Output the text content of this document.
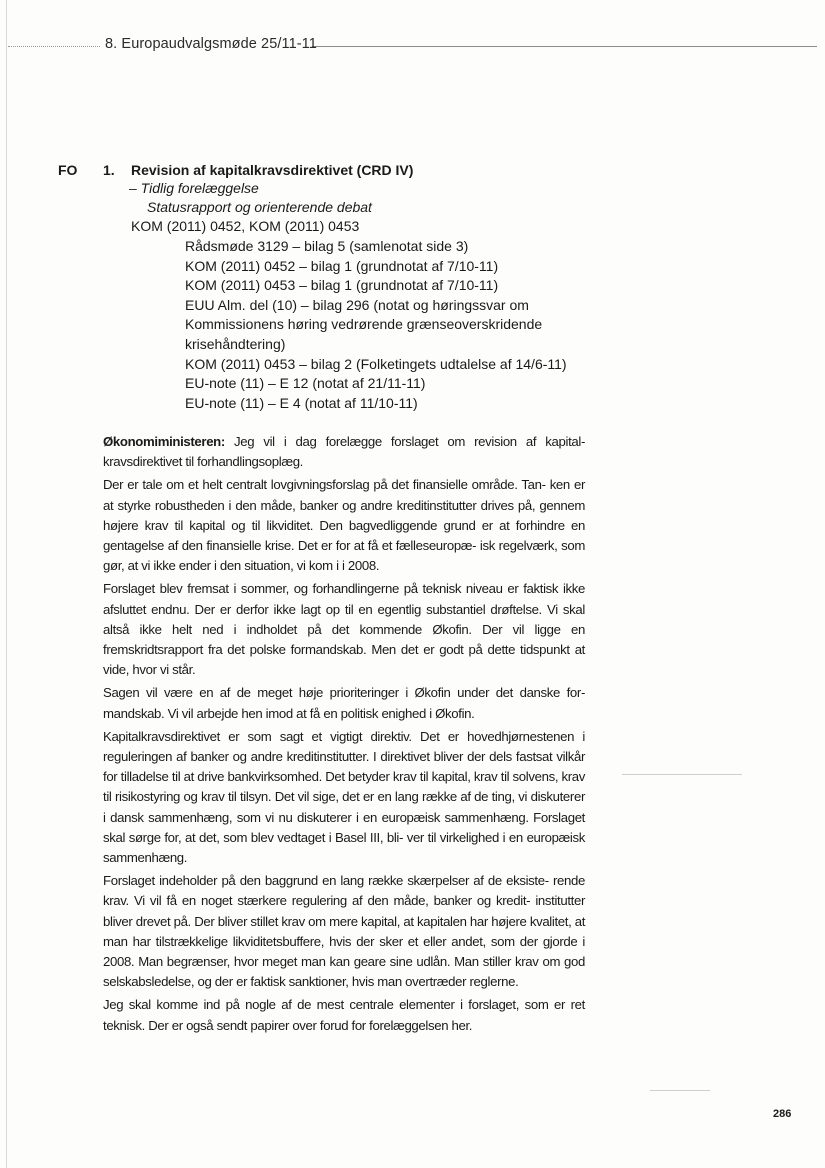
8. Europaudvalgsmøde 25/11-11
FO 1. Revision af kapitalkravsdirektivet (CRD IV)
– Tidlig forelæggelse
Statusrapport og orienterende debat
KOM (2011) 0452, KOM (2011) 0453
Rådsmøde 3129 – bilag 5 (samlenotat side 3)
KOM (2011) 0452 – bilag 1 (grundnotat af 7/10-11)
KOM (2011) 0453 – bilag 1 (grundnotat af 7/10-11)
EUU Alm. del (10) – bilag 296 (notat og høringssvar om
Kommissionens høring vedrørende grænseoverskridende
krisehåndtering)
KOM (2011) 0453 – bilag 2 (Folketingets udtalelse af 14/6-11)
EU-note (11) – E 12 (notat af 21/11-11)
EU-note (11) – E 4 (notat af 11/10-11)

Økonomiministeren: Jeg vil i dag forelægge forslaget om revision af kapital- kravsdirektivet til forhandlingsoplæg.

Der er tale om et helt centralt lovgivningsforslag på det finansielle område. Tan- ken er at styrke robustheden i den måde, banker og andre kreditinstitutter drives på, gennem højere krav til kapital og til likviditet. Den bagvedliggende grund er at forhindre en gentagelse af den finansielle krise. Det er for at få et fælleseuropæ- isk regelværk, som gør, at vi ikke ender i den situation, vi kom i i 2008.

Forslaget blev fremsat i sommer, og forhandlingerne på teknisk niveau er faktisk ikke afsluttet endnu. Der er derfor ikke lagt op til en egentlig substantiel drøftelse. Vi skal altså ikke helt ned i indholdet på det kommende Økofin. Der vil ligge en fremskridtsrapport fra det polske formandskab. Men det er godt på dette tidspunkt at vide, hvor vi står.

Sagen vil være en af de meget høje prioriteringer i Økofin under det danske for- mandskab. Vi vil arbejde hen imod at få en politisk enighed i Økofin.

Kapitalkravsdirektivet er som sagt et vigtigt direktiv. Det er hovedhjørnestenen i reguleringen af banker og andre kreditinstitutter. I direktivet bliver der dels fastsat vilkår for tilladelse til at drive bankvirksomhed. Det betyder krav til kapital, krav til solvens, krav til risikostyring og krav til tilsyn. Det vil sige, det er en lang række af de ting, vi diskuterer i dansk sammenhæng, som vi nu diskuterer i en europæisk sammenhæng. Forslaget skal sørge for, at det, som blev vedtaget i Basel III, bli- ver til virkelighed i en europæisk sammenhæng.

Forslaget indeholder på den baggrund en lang række skærpelser af de eksiste- rende krav. Vi vil få en noget stærkere regulering af den måde, banker og kredit- institutter bliver drevet på. Der bliver stillet krav om mere kapital, at kapitalen har højere kvalitet, at man har tilstrækkelige likviditetsbuffere, hvis der sker et eller andet, som der gjorde i 2008. Man begrænser, hvor meget man kan geare sine udlån. Man stiller krav om god selskabsledelse, og der er faktisk sanktioner, hvis man overtræder reglerne.

Jeg skal komme ind på nogle af de mest centrale elementer i forslaget, som er ret teknisk. Der er også sendt papirer over forud for forelæggelsen her.

286
